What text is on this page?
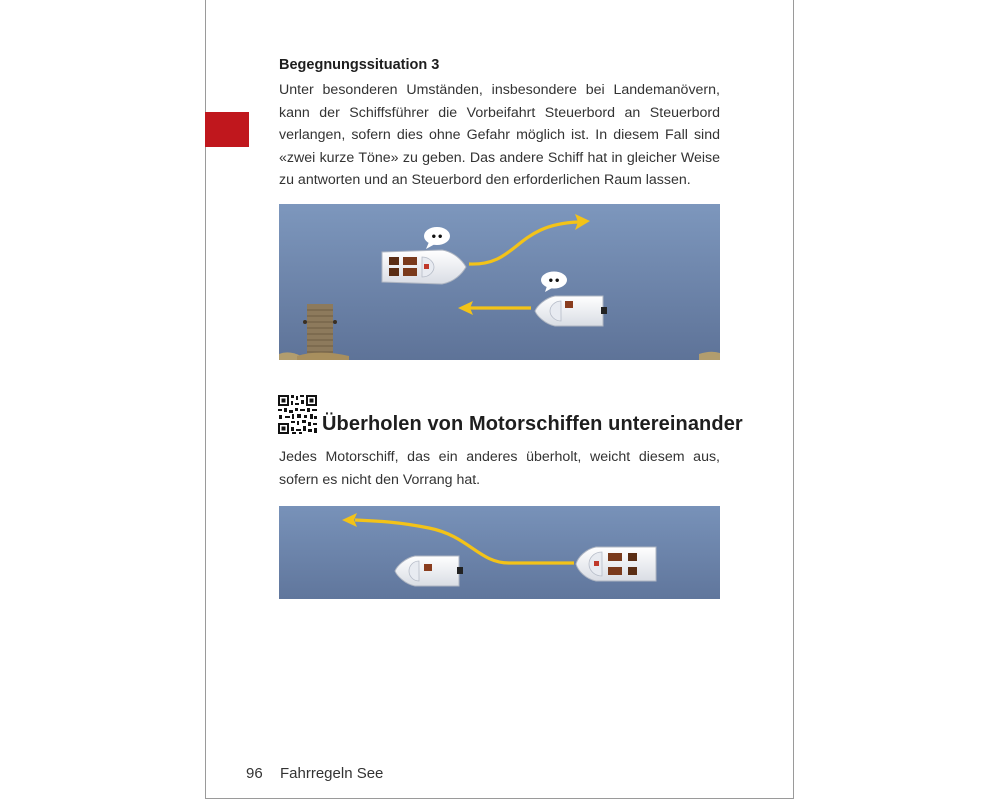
Begegnungssituation 3
Unter besonderen Umständen, insbesondere bei Landemanövern, kann der Schiffsführer die Vorbeifahrt Steuerbord an Steuerbord verlangen, sofern dies ohne Gefahr möglich ist. In diesem Fall sind «zwei kurze Töne» zu geben. Das andere Schiff hat in gleicher Weise zu antworten und an Steuerbord den erforderlichen Raum lassen.
••
••
Überholen von Motorschiffen untereinander
Jedes Motorschiff, das ein anderes überholt, weicht diesem aus, sofern es nicht den Vorrang hat.
96 Fahrregeln See
